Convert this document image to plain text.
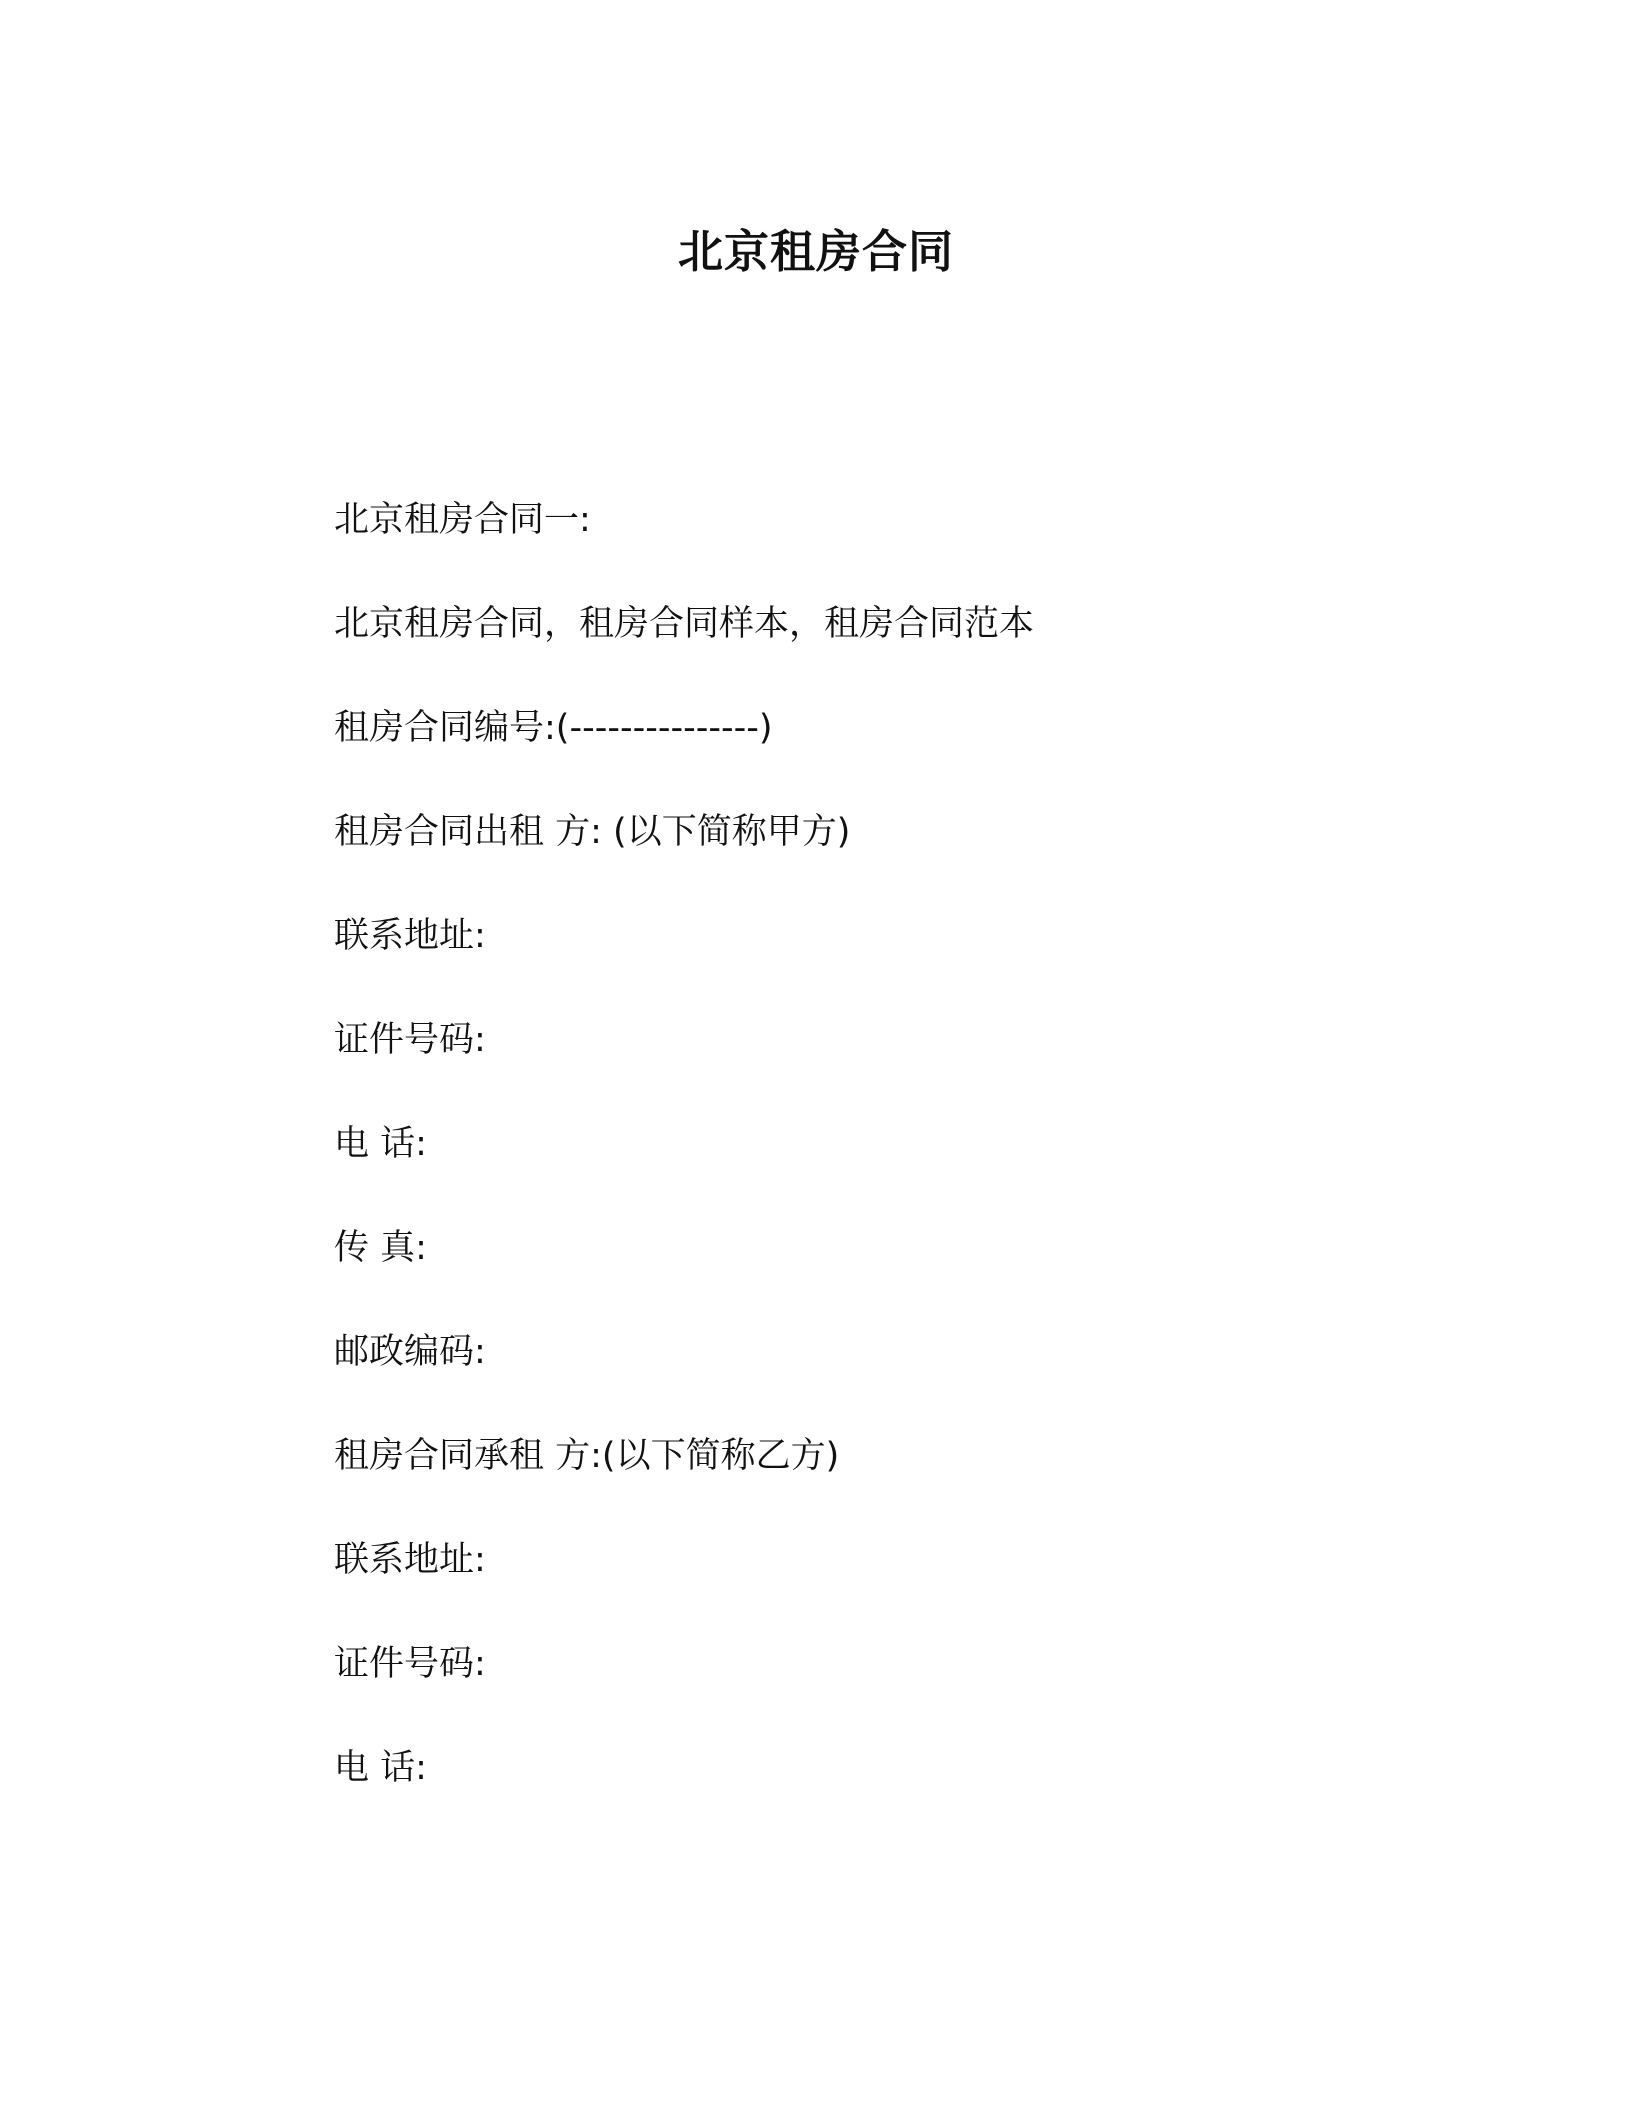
北京租房合同
北京租房合同一:
北京租房合同，租房合同样本，租房合同范本
租房合同编号:(---------------)
租房合同出租 方: (以下简称甲方)
联系地址:
证件号码:
电 话:
传 真:
邮政编码:
租房合同承租 方:(以下简称乙方)
联系地址:
证件号码:
电 话:
